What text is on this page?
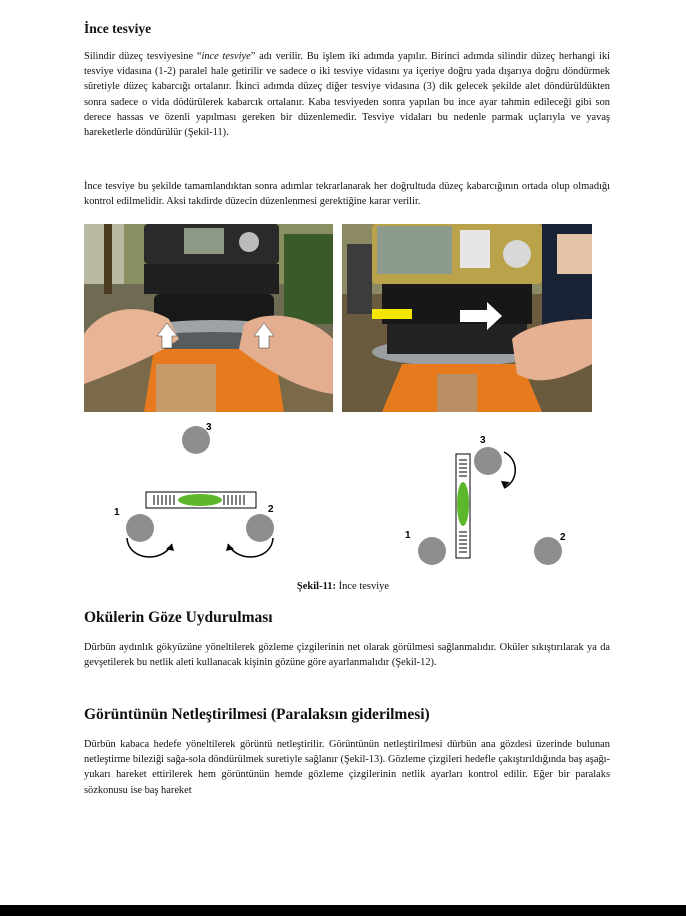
İnce tesviye

Silindir düzeç tesviyesine “ince tesviye” adı verilir. Bu işlem iki adımda yapılır. Birinci adımda silindir düzeç herhangi iki tesviye vidasına (1-2) paralel hale getirilir ve sadece o iki tesviye vidasını ya içeriye doğru yada dışarıya doğru döndürmek sûretiyle düzeç kabarcığı ortalanır. İkinci adımda düzeç diğer tesviye vidasına (3) dik gelecek şekilde alet döndürüldükten sonra sadece o vida dödürülerek kabarcık ortalanır. Kaba tesviyeden sonra yapılan bu ince ayar tahmin edileceği gibi son derece hassas ve özenli yapılması gereken bir düzenlemedir. Tesviye vidaları bu nedenle parmak uçlarıyla ve yavaş hareketlerle döndürülür (Şekil-11).

İnce tesviye bu şekilde tamamlandıktan sonra adımlar tekrarlanarak her doğrultuda düzeç kabarcığının ortada olup olmadığı kontrol edilmelidir. Aksi takdirde düzecin düzenlenmesi gerektiğine karar verilir.

3
1	2
3
1	2

Şekil-11: İnce tesviye

Okülerin Göze Uydurulması

Dürbün aydınlık gökyüzüne yöneltilerek gözleme çizgilerinin net olarak görülmesi sağlanmalıdır. Oküler sıkıştırılarak ya da gevşetilerek bu netlik aleti kullanacak kişinin gözüne göre ayarlanmalıdır (Şekil-12).

Görüntünün Netleştirilmesi (Paralaksın giderilmesi)

Dürbün kabaca hedefe yöneltilerek görüntü netleştirilir. Görüntünün netleştirilmesi dürbün ana gözdesi üzerinde bulunan netleştirme bileziği sağa-sola döndürülmek suretiyle sağlanır (Şekil-13). Gözleme çizgileri hedefle çakıştırıldığında baş aşağı-yukarı hareket ettirilerek hem görüntünün hemde gözleme çizgilerinin netlik ayarları kontrol edilir. Eğer bir paralaks sözkonusu ise baş hareket
